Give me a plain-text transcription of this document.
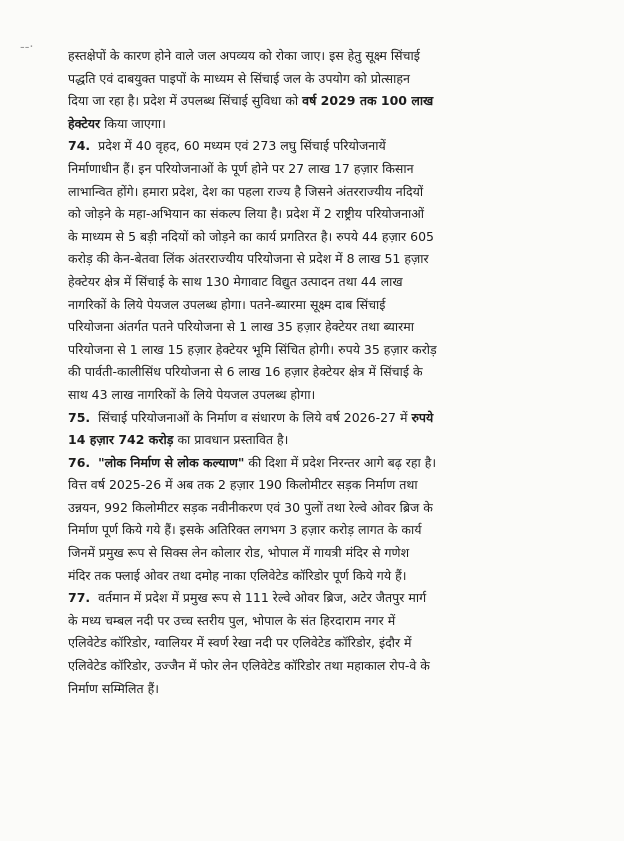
--·

हस्तक्षेपों के कारण होने वाले जल अपव्यय को रोका जाए। इस हेतु सूक्ष्म सिंचाई
पद्धति एवं दाबयुक्त पाइपों के माध्यम से सिंचाई जल के उपयोग को प्रोत्साहन
दिया जा रहा है। प्रदेश में उपलब्ध सिंचाई सुविधा को वर्ष 2029 तक 100 लाख
हेक्टेयर किया जाएगा।

74. प्रदेश में 40 वृहद, 60 मध्यम एवं 273 लघु सिंचाई परियोजनायें
निर्माणाधीन हैं। इन परियोजनाओं के पूर्ण होने पर 27 लाख 17 हज़ार किसान
लाभान्वित होंगे। हमारा प्रदेश, देश का पहला राज्य है जिसने अंतरराज्यीय नदियों
को जोड़ने के महा-अभियान का संकल्प लिया है। प्रदेश में 2 राष्ट्रीय परियोजनाओं
के माध्यम से 5 बड़ी नदियों को जोड़ने का कार्य प्रगतिरत है। रुपये 44 हज़ार 605
करोड़ की केन-बेतवा लिंक अंतरराज्यीय परियोजना से प्रदेश में 8 लाख 51 हज़ार
हेक्टेयर क्षेत्र में सिंचाई के साथ 130 मेगावाट विद्युत उत्पादन तथा 44 लाख
नागरिकों के लिये पेयजल उपलब्ध होगा। पतने-ब्यारमा सूक्ष्म दाब सिंचाई
परियोजना अंतर्गत पतने परियोजना से 1 लाख 35 हज़ार हेक्टेयर तथा ब्यारमा
परियोजना से 1 लाख 15 हज़ार हेक्टेयर भूमि सिंचित होगी। रुपये 35 हज़ार करोड़
की पार्वती-कालीसिंध परियोजना से 6 लाख 16 हज़ार हेक्टेयर क्षेत्र में सिंचाई के
साथ 43 लाख नागरिकों के लिये पेयजल उपलब्ध होगा।

75. सिंचाई परियोजनाओं के निर्माण व संधारण के लिये वर्ष 2026-27 में रुपये
14 हज़ार 742 करोड़ का प्रावधान प्रस्तावित है।

76. "लोक निर्माण से लोक कल्याण" की दिशा में प्रदेश निरन्तर आगे बढ़ रहा है।
वित्त वर्ष 2025-26 में अब तक 2 हज़ार 190 किलोमीटर सड़क निर्माण तथा
उन्नयन, 992 किलोमीटर सड़क नवीनीकरण एवं 30 पुलों तथा रेल्वे ओवर ब्रिज के
निर्माण पूर्ण किये गये हैं। इसके अतिरिक्त लगभग 3 हज़ार करोड़ लागत के कार्य
जिनमें प्रमुख रूप से सिक्स लेन कोलार रोड, भोपाल में गायत्री मंदिर से गणेश
मंदिर तक फ्लाई ओवर तथा दमोह नाका एलिवेटेड कॉरिडोर पूर्ण किये गये हैं।

77. वर्तमान में प्रदेश में प्रमुख रूप से 111 रेल्वे ओवर ब्रिज, अटेर जैतपुर मार्ग
के मध्य चम्बल नदी पर उच्च स्तरीय पुल, भोपाल के संत हिरदाराम नगर में
एलिवेटेड कॉरिडोर, ग्वालियर में स्वर्ण रेखा नदी पर एलिवेटेड कॉरिडोर, इंदौर में
एलिवेटेड कॉरिडोर, उज्जैन में फोर लेन एलिवेटेड कॉरिडोर तथा महाकाल रोप-वे के
निर्माण सम्मिलित हैं।
